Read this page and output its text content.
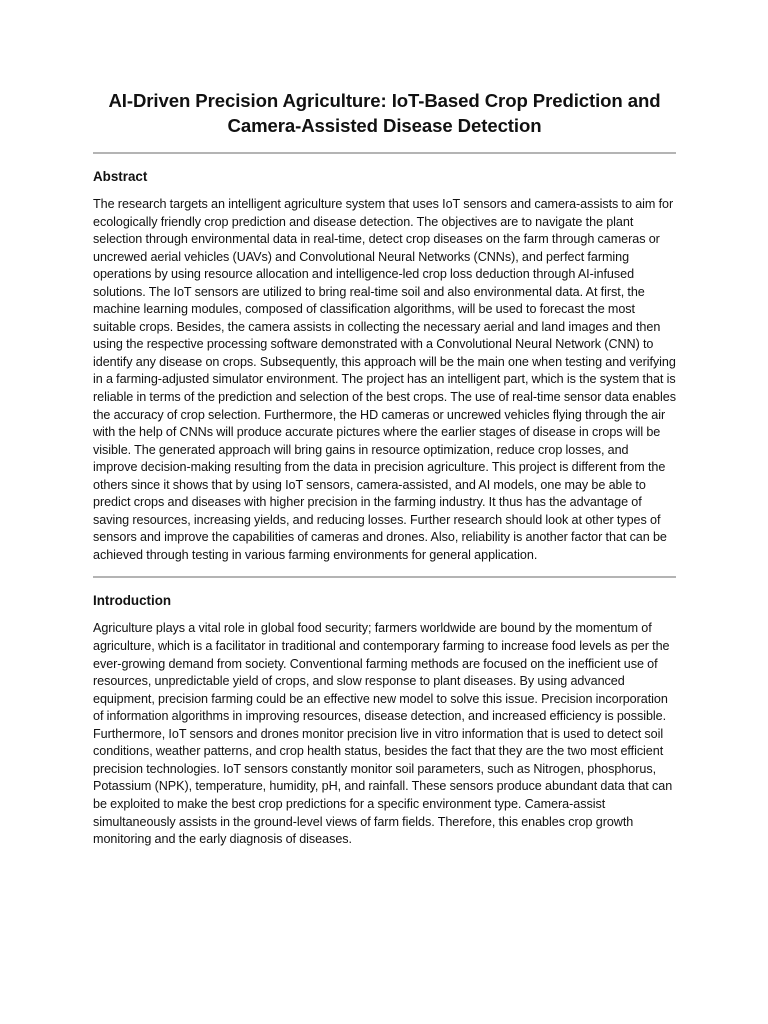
AI-Driven Precision Agriculture: IoT-Based Crop Prediction and Camera-Assisted Disease Detection
Abstract

The research targets an intelligent agriculture system that uses IoT sensors and camera-assists to aim for ecologically friendly crop prediction and disease detection. The objectives are to navigate the plant selection through environmental data in real-time, detect crop diseases on the farm through cameras or uncrewed aerial vehicles (UAVs) and Convolutional Neural Networks (CNNs), and perfect farming operations by using resource allocation and intelligence-led crop loss deduction through AI-infused solutions. The IoT sensors are utilized to bring real-time soil and also environmental data. At first, the machine learning modules, composed of classification algorithms, will be used to forecast the most suitable crops. Besides, the camera assists in collecting the necessary aerial and land images and then using the respective processing software demonstrated with a Convolutional Neural Network (CNN) to identify any disease on crops. Subsequently, this approach will be the main one when testing and verifying in a farming-adjusted simulator environment. The project has an intelligent part, which is the system that is reliable in terms of the prediction and selection of the best crops. The use of real-time sensor data enables the accuracy of crop selection. Furthermore, the HD cameras or uncrewed vehicles flying through the air with the help of CNNs will produce accurate pictures where the earlier stages of disease in crops will be visible. The generated approach will bring gains in resource optimization, reduce crop losses, and improve decision-making resulting from the data in precision agriculture. This project is different from the others since it shows that by using IoT sensors, camera-assisted, and AI models, one may be able to predict crops and diseases with higher precision in the farming industry. It thus has the advantage of saving resources, increasing yields, and reducing losses. Further research should look at other types of sensors and improve the capabilities of cameras and drones. Also, reliability is another factor that can be achieved through testing in various farming environments for general application.

Introduction

Agriculture plays a vital role in global food security; farmers worldwide are bound by the momentum of agriculture, which is a facilitator in traditional and contemporary farming to increase food levels as per the ever-growing demand from society. Conventional farming methods are focused on the inefficient use of resources, unpredictable yield of crops, and slow response to plant diseases. By using advanced equipment, precision farming could be an effective new model to solve this issue. Precision incorporation of information algorithms in improving resources, disease detection, and increased efficiency is possible. Furthermore, IoT sensors and drones monitor precision live in vitro information that is used to detect soil conditions, weather patterns, and crop health status, besides the fact that they are the two most efficient precision technologies. IoT sensors constantly monitor soil parameters, such as Nitrogen, phosphorus, Potassium (NPK), temperature, humidity, pH, and rainfall. These sensors produce abundant data that can be exploited to make the best crop predictions for a specific environment type. Camera-assist simultaneously assists in the ground-level views of farm fields. Therefore, this enables crop growth monitoring and the early diagnosis of diseases.
